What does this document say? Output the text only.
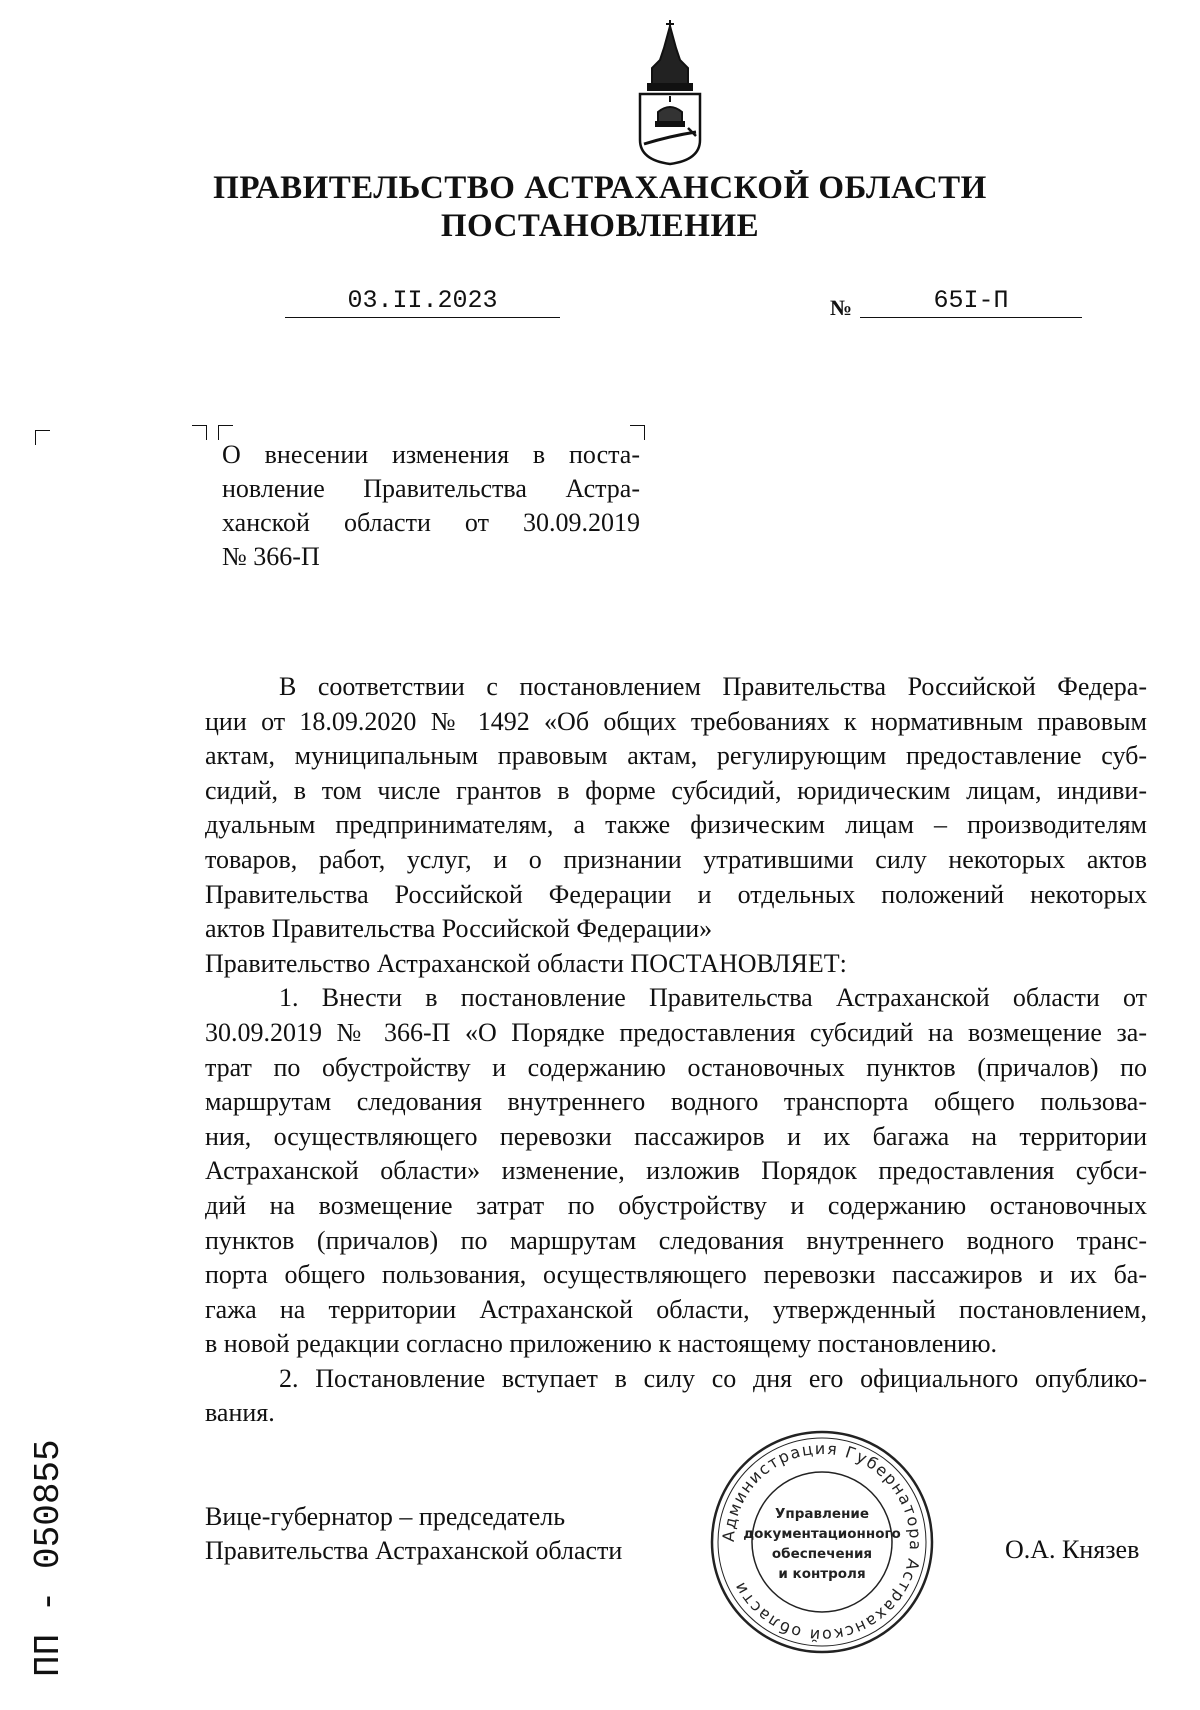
ПРАВИТЕЛЬСТВО АСТРАХАНСКОЙ ОБЛАСТИ
ПОСТАНОВЛЕНИЕ
03.II.2023	№	65I-П
О внесении изменения в поста-
новление Правительства Астра-
ханской области от 30.09.2019
№ 366-П
В соответствии с постановлением Правительства Российской Федера-
ции от 18.09.2020 № 1492 «Об общих требованиях к нормативным правовым
актам, муниципальным правовым актам, регулирующим предоставление суб-
сидий, в том числе грантов в форме субсидий, юридическим лицам, индиви-
дуальным предпринимателям, а также физическим лицам – производителям
товаров, работ, услуг, и о признании утратившими силу некоторых актов
Правительства Российской Федерации и отдельных положений некоторых
актов Правительства Российской Федерации»
Правительство Астраханской области ПОСТАНОВЛЯЕТ:
1. Внести в постановление Правительства Астраханской области от
30.09.2019 № 366-П «О Порядке предоставления субсидий на возмещение за-
трат по обустройству и содержанию остановочных пунктов (причалов) по
маршрутам следования внутреннего водного транспорта общего пользова-
ния, осуществляющего перевозки пассажиров и их багажа на территории
Астраханской области» изменение, изложив Порядок предоставления субси-
дий на возмещение затрат по обустройству и содержанию остановочных
пунктов (причалов) по маршрутам следования внутреннего водного транс-
порта общего пользования, осуществляющего перевозки пассажиров и их ба-
гажа на территории Астраханской области, утвержденный постановлением,
в новой редакции согласно приложению к настоящему постановлению.
2. Постановление вступает в силу со дня его официального опублико-
вания.
Вице-губернатор – председатель
Правительства Астраханской области	О.А. Князев
Администрация Губернатора Астраханской области
Управление
документационного
обеспечения
и контроля
ПП - 050855
